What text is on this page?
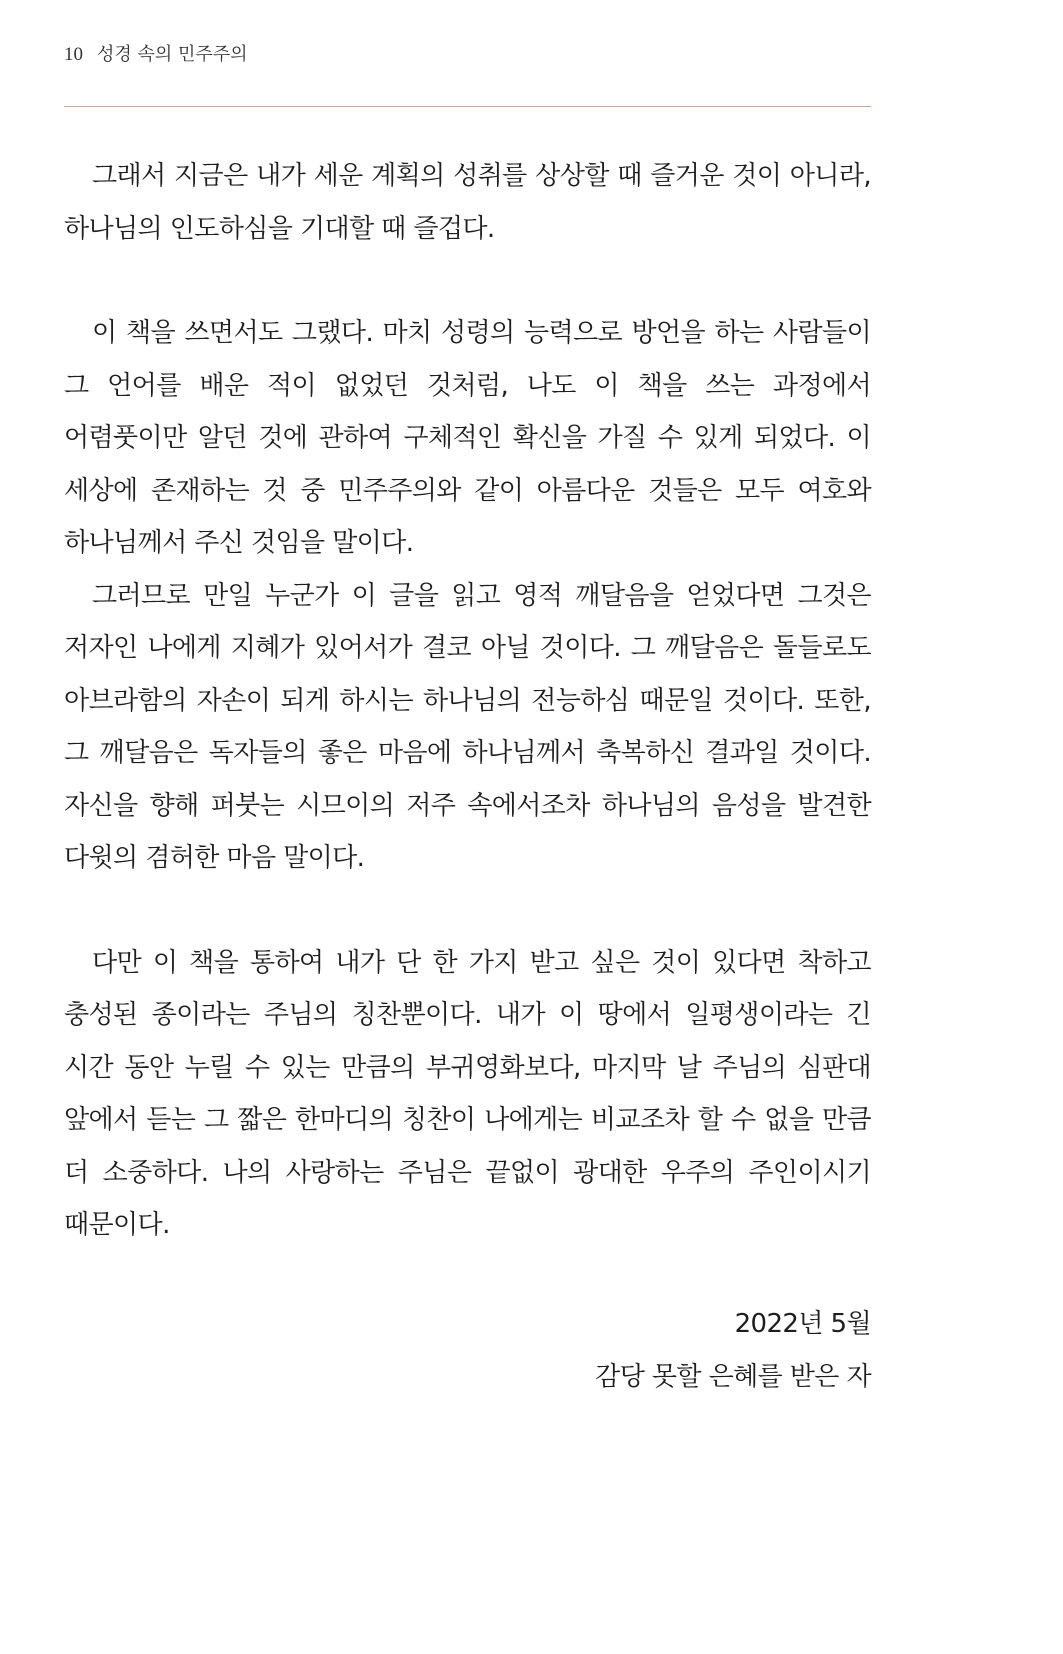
10 성경 속의 민주주의

그래서 지금은 내가 세운 계획의 성취를 상상할 때 즐거운 것이 아니라, 하나님의 인도하심을 기대할 때 즐겁다.

이 책을 쓰면서도 그랬다. 마치 성령의 능력으로 방언을 하는 사람들이 그 언어를 배운 적이 없었던 것처럼, 나도 이 책을 쓰는 과정에서 어렴풋이만 알던 것에 관하여 구체적인 확신을 가질 수 있게 되었다. 이 세상에 존재하는 것 중 민주주의와 같이 아름다운 것들은 모두 여호와 하나님께서 주신 것임을 말이다.

그러므로 만일 누군가 이 글을 읽고 영적 깨달음을 얻었다면 그것은 저자인 나에게 지혜가 있어서가 결코 아닐 것이다. 그 깨달음은 돌들로도 아브라함의 자손이 되게 하시는 하나님의 전능하심 때문일 것이다. 또한, 그 깨달음은 독자들의 좋은 마음에 하나님께서 축복하신 결과일 것이다. 자신을 향해 퍼붓는 시므이의 저주 속에서조차 하나님의 음성을 발견한 다윗의 겸허한 마음 말이다.

다만 이 책을 통하여 내가 단 한 가지 받고 싶은 것이 있다면 착하고 충성된 종이라는 주님의 칭찬뿐이다. 내가 이 땅에서 일평생이라는 긴 시간 동안 누릴 수 있는 만큼의 부귀영화보다, 마지막 날 주님의 심판대 앞에서 듣는 그 짧은 한마디의 칭찬이 나에게는 비교조차 할 수 없을 만큼 더 소중하다. 나의 사랑하는 주님은 끝없이 광대한 우주의 주인이시기 때문이다.

2022년 5월
감당 못할 은혜를 받은 자
